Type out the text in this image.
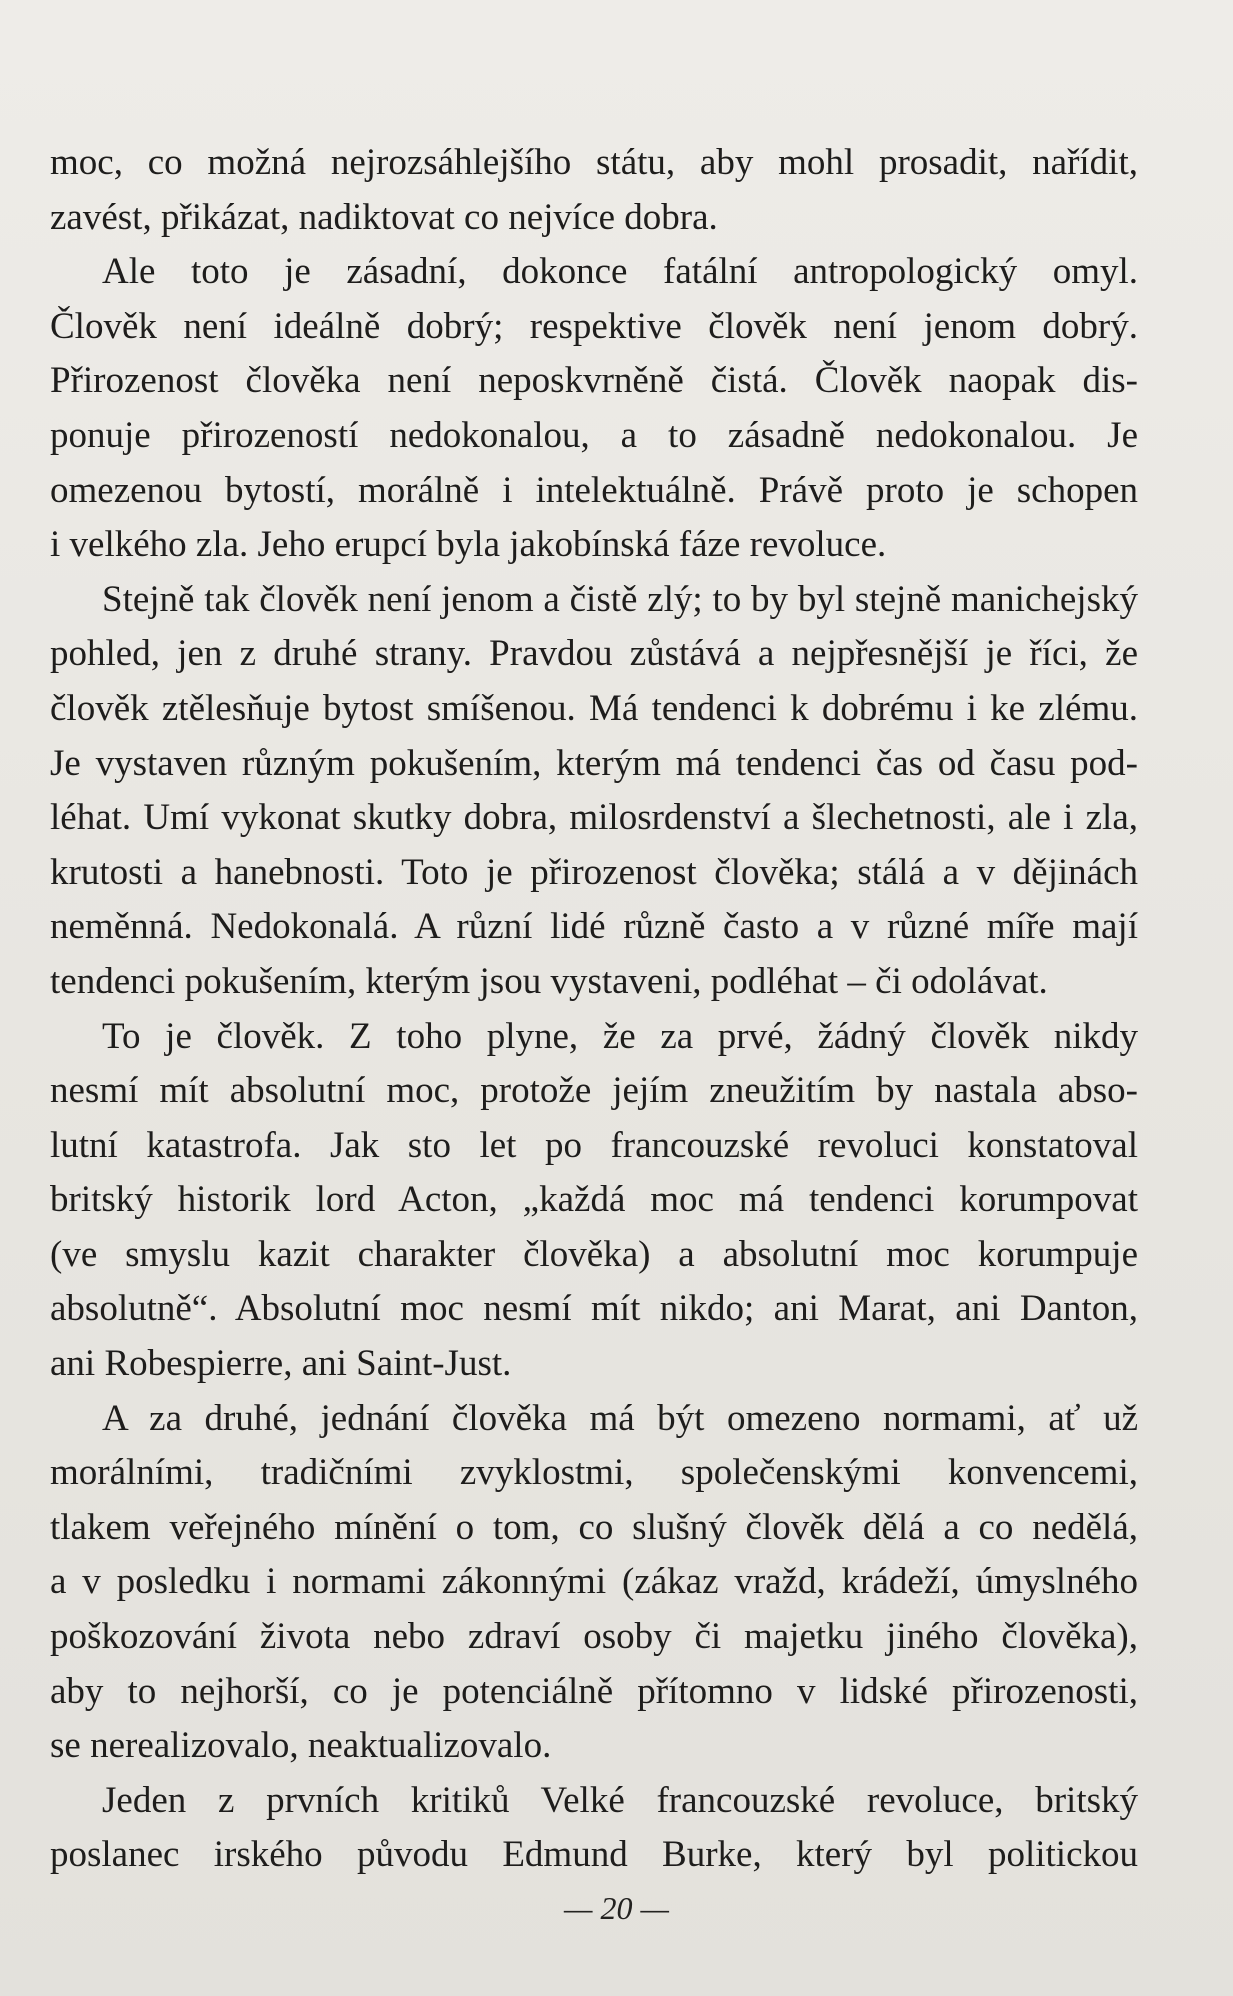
moc, co možná nejrozsáhlejšího státu, aby mohl prosadit, nařídit,
zavést, přikázat, nadiktovat co nejvíce dobra.
Ale toto je zásadní, dokonce fatální antropologický omyl.
Člověk není ideálně dobrý; respektive člověk není jenom dobrý.
Přirozenost člověka není neposkvrněně čistá. Člověk naopak dis-
ponuje přirozeností nedokonalou, a to zásadně nedokonalou. Je
omezenou bytostí, morálně i intelektuálně. Právě proto je schopen
i velkého zla. Jeho erupcí byla jakobínská fáze revoluce.
Stejně tak člověk není jenom a čistě zlý; to by byl stejně manichejský
pohled, jen z druhé strany. Pravdou zůstává a nejpřesnější je říci, že
člověk ztělesňuje bytost smíšenou. Má tendenci k dobrému i ke zlému.
Je vystaven různým pokušením, kterým má tendenci čas od času pod-
léhat. Umí vykonat skutky dobra, milosrdenství a šlechetnosti, ale i zla,
krutosti a hanebnosti. Toto je přirozenost člověka; stálá a v dějinách
neměnná. Nedokonalá. A různí lidé různě často a v různé míře mají
tendenci pokušením, kterým jsou vystaveni, podléhat – či odolávat.
To je člověk. Z toho plyne, že za prvé, žádný člověk nikdy
nesmí mít absolutní moc, protože jejím zneužitím by nastala abso-
lutní katastrofa. Jak sto let po francouzské revoluci konstatoval
britský historik lord Acton, „každá moc má tendenci korumpovat
(ve smyslu kazit charakter člověka) a absolutní moc korumpuje
absolutně“. Absolutní moc nesmí mít nikdo; ani Marat, ani Danton,
ani Robespierre, ani Saint-Just.
A za druhé, jednání člověka má být omezeno normami, ať už
morálními, tradičními zvyklostmi, společenskými konvencemi,
tlakem veřejného mínění o tom, co slušný člověk dělá a co nedělá,
a v posledku i normami zákonnými (zákaz vražd, krádeží, úmyslného
poškozování života nebo zdraví osoby či majetku jiného člověka),
aby to nejhorší, co je potenciálně přítomno v lidské přirozenosti,
se nerealizovalo, neaktualizovalo.
Jeden z prvních kritiků Velké francouzské revoluce, britský
poslanec irského původu Edmund Burke, který byl politickou
— 20 —
